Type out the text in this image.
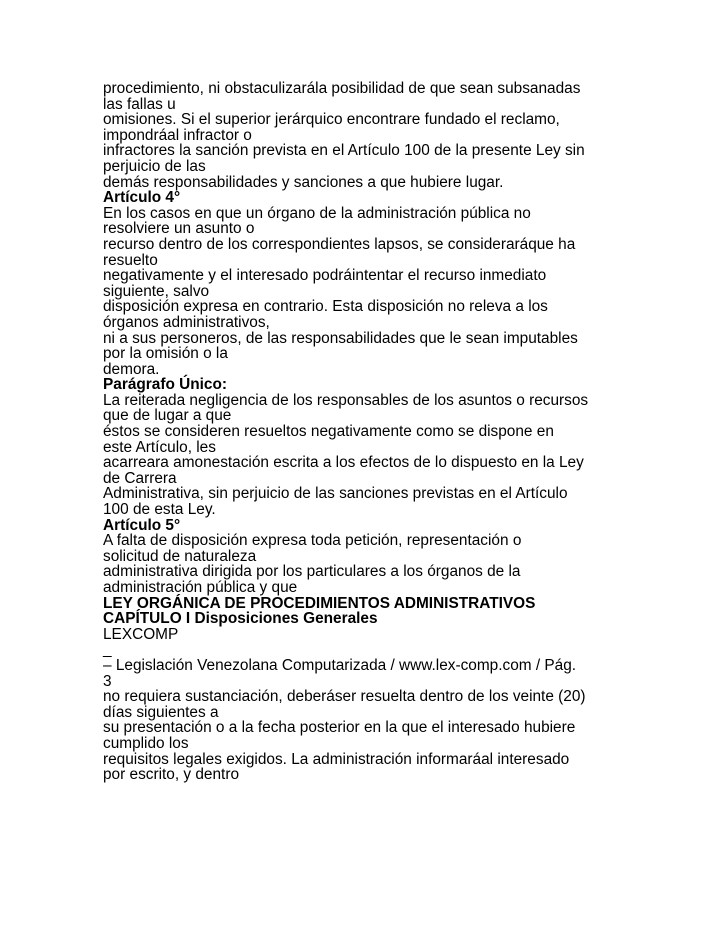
procedimiento, ni obstaculizarála posibilidad de que sean subsanadas
las fallas u
omisiones. Si el superior jerárquico encontrare fundado el reclamo,
impondráal infractor o
infractores la sanción prevista en el Artículo 100 de la presente Ley sin
perjuicio de las
demás responsabilidades y sanciones a que hubiere lugar.
Artículo 4°
En los casos en que un órgano de la administración pública no
resolviere un asunto o
recurso dentro de los correspondientes lapsos, se consideraráque ha
resuelto
negativamente y el interesado podráintentar el recurso inmediato
siguiente, salvo
disposición expresa en contrario. Esta disposición no releva a los
órganos administrativos,
ni a sus personeros, de las responsabilidades que le sean imputables
por la omisión o la
demora.
Parágrafo Único:
La reiterada negligencia de los responsables de los asuntos o recursos
que de lugar a que
éstos se consideren resueltos negativamente como se dispone en
este Artículo, les
acarreara amonestación escrita a los efectos de lo dispuesto en la Ley
de Carrera
Administrativa, sin perjuicio de las sanciones previstas en el Artículo
100 de esta Ley.
Artículo 5°
A falta de disposición expresa toda petición, representación o
solicitud de naturaleza
administrativa dirigida por los particulares a los órganos de la
administración pública y que
LEY ORGÁNICA DE PROCEDIMIENTOS ADMINISTRATIVOS
CAPÍTULO I Disposiciones Generales
LEXCOMP
_
– Legislación Venezolana Computarizada / www.lex-comp.com / Pág.
3
no requiera sustanciación, deberáser resuelta dentro de los veinte (20)
días siguientes a
su presentación o a la fecha posterior en la que el interesado hubiere
cumplido los
requisitos legales exigidos. La administración informaráal interesado
por escrito, y dentro
